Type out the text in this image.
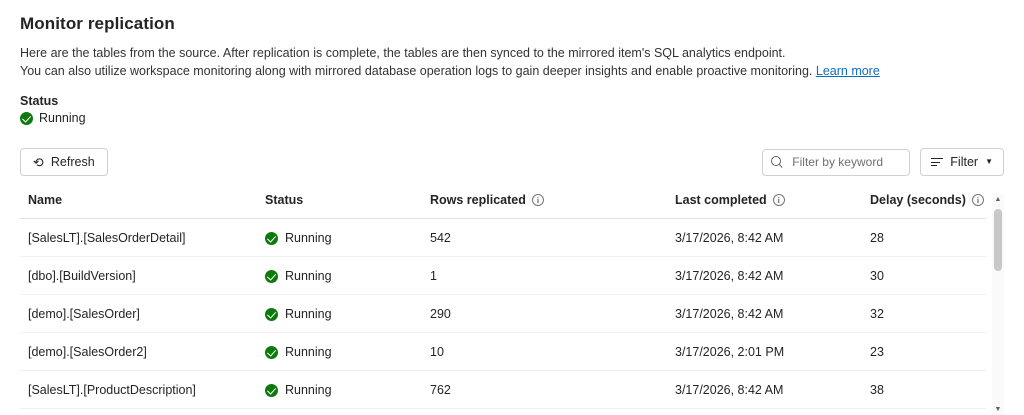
Monitor replication
Here are the tables from the source. After replication is complete, the tables are then synced to the mirrored item's SQL analytics endpoint.
You can also utilize workspace monitoring along with mirrored database operation logs to gain deeper insights and enable proactive monitoring. Learn more
Status
Running
⟳ Refresh
Filter by keyword	Filter ▼
Name	Status	Rows replicated i	Last completed i	Delay (seconds) i

[SalesLT].[SalesOrderDetail]	Running	542	3/17/2026, 8:42 AM	28
[dbo].[BuildVersion]	Running	1	3/17/2026, 8:42 AM	30
[demo].[SalesOrder]	Running	290	3/17/2026, 8:42 AM	32
[demo].[SalesOrder2]	Running	10	3/17/2026, 2:01 PM	23
[SalesLT].[ProductDescription]	Running	762	3/17/2026, 8:42 AM	38
▲
▼
